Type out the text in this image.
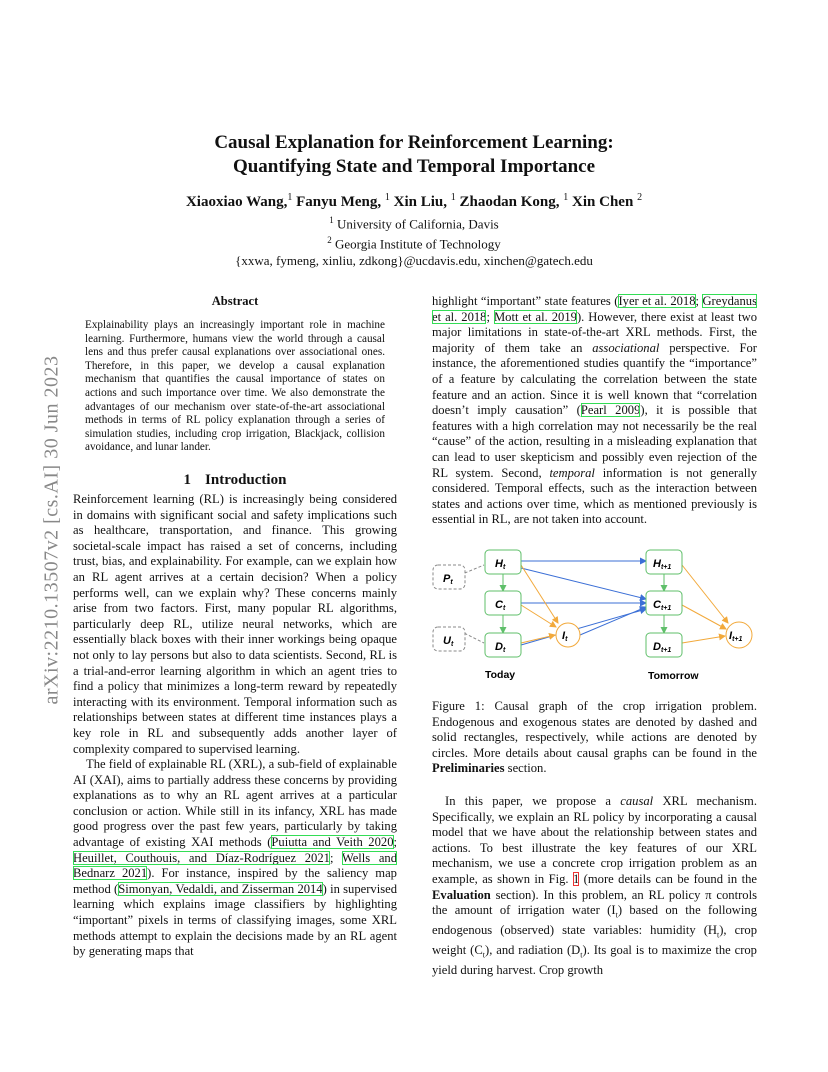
Causal Explanation for Reinforcement Learning:
Quantifying State and Temporal Importance
Xiaoxiao Wang,$^1$ Fanyu Meng, $^1$ Xin Liu, $^1$ Zhaodan Kong, $^1$ Xin Chen $^2$
$^1$ University of California, Davis
$^2$ Georgia Institute of Technology
{xxwa, fymeng, xinliu, zdkong}@ucdavis.edu, xinchen@gatech.edu
arXiv:2210.13507v2 [cs.AI] 30 Jun 2023
Abstract
Explainability plays an increasingly important role in machine learning. Furthermore, humans view the world through a causal lens and thus prefer causal explanations over associational ones. Therefore, in this paper, we develop a causal explanation mechanism that quantifies the causal importance of states on actions and such importance over time. We also demonstrate the advantages of our mechanism over state-of-the-art associational methods in terms of RL policy explanation through a series of simulation studies, including crop irrigation, Blackjack, collision avoidance, and lunar lander.
1 Introduction

Reinforcement learning (RL) is increasingly being considered in domains with significant social and safety implications such as healthcare, transportation, and finance. This growing societal-scale impact has raised a set of concerns, including trust, bias, and explainability. For example, can we explain how an RL agent arrives at a certain decision? When a policy performs well, can we explain why? These concerns mainly arise from two factors. First, many popular RL algorithms, particularly deep RL, utilize neural networks, which are essentially black boxes with their inner workings being opaque not only to lay persons but also to data scientists. Second, RL is a trial-and-error learning algorithm in which an agent tries to find a policy that minimizes a long-term reward by repeatedly interacting with its environment. Temporal information such as relationships between states at different time instances plays a key role in RL and subsequently adds another layer of complexity compared to supervised learning.

The field of explainable RL (XRL), a sub-field of explainable AI (XAI), aims to partially address these concerns by providing explanations as to why an RL agent arrives at a particular conclusion or action. While still in its infancy, XRL has made good progress over the past few years, particularly by taking advantage of existing XAI methods (Puiutta and Veith 2020; Heuillet, Couthouis, and Díaz-Rodríguez 2021; Wells and Bednarz 2021). For instance, inspired by the saliency map method (Simonyan, Vedaldi, and Zisserman 2014) in supervised learning which explains image classifiers by highlighting “important” pixels in terms of classifying images, some XRL methods attempt to explain the decisions made by an RL agent by generating maps that

highlight “important” state features (Iyer et al. 2018; Greydanus et al. 2018; Mott et al. 2019). However, there exist at least two major limitations in state-of-the-art XRL methods. First, the majority of them take an associational perspective. For instance, the aforementioned studies quantify the “importance” of a feature by calculating the correlation between the state feature and an action. Since it is well known that “correlation doesn’t imply causation” (Pearl 2009), it is possible that features with a high correlation may not necessarily be the real “cause” of the action, resulting in a misleading explanation that can lead to user skepticism and possibly even rejection of the RL system. Second, temporal information is not generally considered. Temporal effects, such as the interaction between states and actions over time, which as mentioned previously is essential in RL, are not taken into account.

Pt
Ut
Ht
Ct
Dt
It
Ht+1
Ct+1
Dt+1
It+1
Today	Tomorrow
Figure 1: Causal graph of the crop irrigation problem. Endogenous and exogenous states are denoted by dashed and solid rectangles, respectively, while actions are denoted by circles. More details about causal graphs can be found in the Preliminaries section.

In this paper, we propose a causal XRL mechanism. Specifically, we explain an RL policy by incorporating a causal model that we have about the relationship between states and actions. To best illustrate the key features of our XRL mechanism, we use a concrete crop irrigation problem as an example, as shown in Fig. 1 (more details can be found in the Evaluation section). In this problem, an RL policy π controls the amount of irrigation water $(I_t)$ based on the following endogenous (observed) state variables: humidity $(H_t)$, crop weight $(C_t)$, and radiation $(D_t)$. Its goal is to maximize the crop yield during harvest. Crop growth
